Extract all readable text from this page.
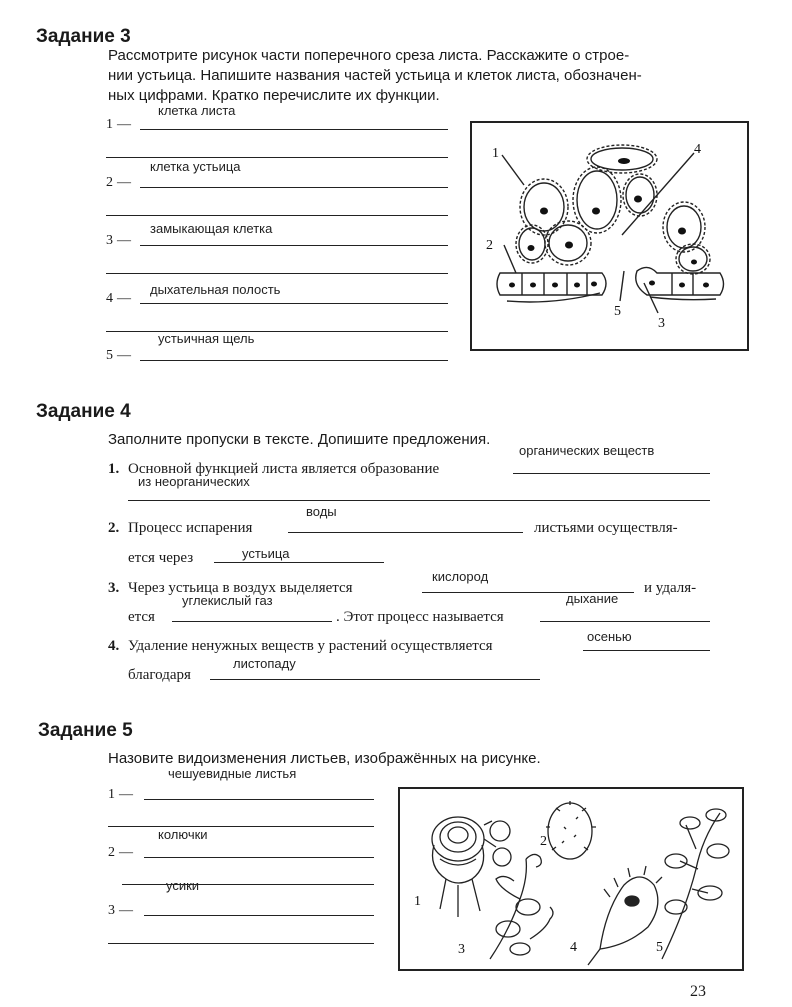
Задание 3
Рассмотрите рисунок части поперечного среза листа. Расскажите о строе-
нии устьица. Напишите названия частей устьица и клеток листа, обозначен-
ных цифрами. Кратко перечислите их функции.
1 —
клетка листа
2 —
клетка устьица
3 —
замыкающая клетка
4 —
дыхательная полость
5 —
устьичная щель
1
2
3
4
5
Задание 4
Заполните пропуски в тексте. Допишите предложения.
1. Основной функцией листа является образование
органических веществ
из неорганических
2. Процесс испарения
воды
листьями осуществля-
ется через	устьица
3. Через устьица в воздух выделяется
кислород
и удаля-
ется
углекислый газ
. Этот процесс называется
дыхание
4. Удаление ненужных веществ у растений осуществляется
осенью
благодаря
листопаду
Задание 5
Назовите видоизменения листьев, изображённых на рисунке.
1 —
чешуевидные листья
2 —
колючки
3 —
усики
1
2
3	4	5
23
